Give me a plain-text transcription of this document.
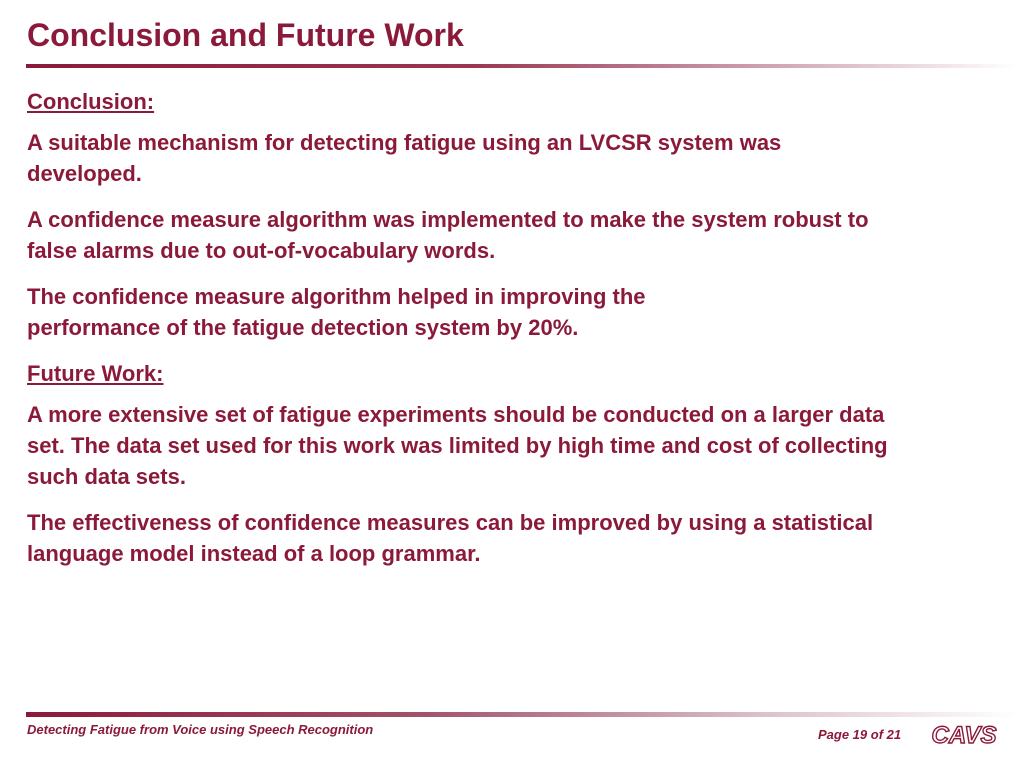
Conclusion and Future Work

Conclusion:

A suitable mechanism for detecting fatigue using an LVCSR system was developed.

A confidence measure algorithm was implemented to make the system robust to false alarms due to out-of-vocabulary words.

The confidence measure algorithm helped in improving the performance of the fatigue detection system by 20%.

Future Work:

A more extensive set of fatigue experiments should be conducted on a larger data set. The data set used for this work was limited by high time and cost of collecting such data sets.

The effectiveness of confidence measures can be improved by using a statistical language model instead of a loop grammar.

Detecting Fatigue from Voice using Speech Recognition	Page 19 of 21 CAVS
